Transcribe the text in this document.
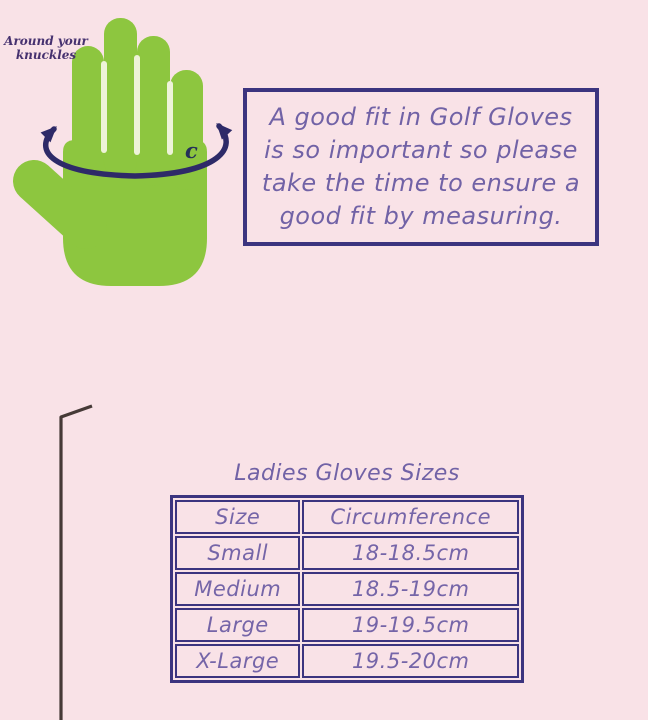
c
Around your
knuckles
A good fit in Golf Gloves
is so important so please
take the time to ensure a
good fit by measuring.
Ladies Gloves Sizes
Size	Circumference
Small	18-18.5cm
Medium	18.5-19cm
Large	19-19.5cm
X-Large	19.5-20cm
